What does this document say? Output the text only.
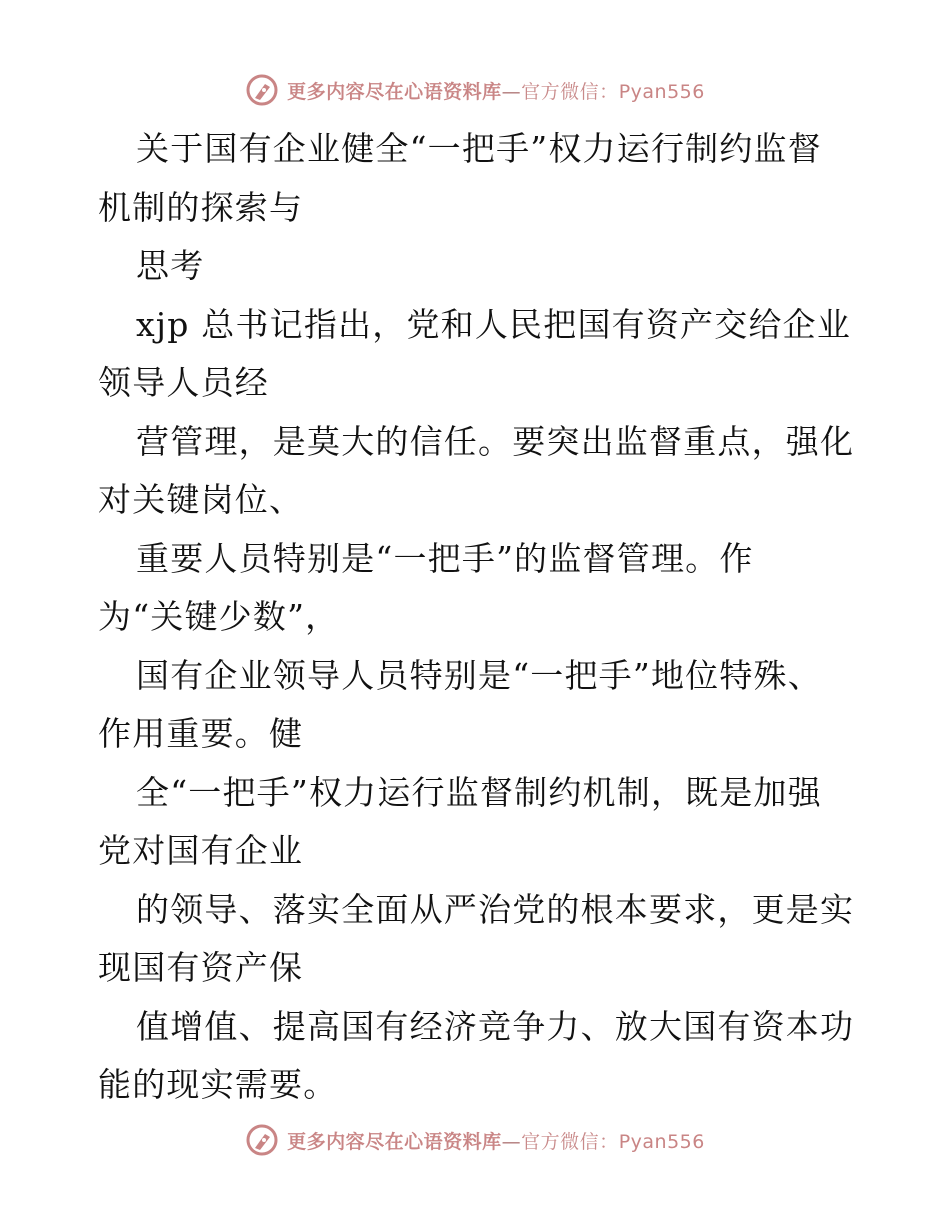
更多内容尽在心语资料库—官方微信：Pyan556
关于国有企业健全“一把手”权力运行制约监督
机制的探索与
思考
xjp 总书记指出，党和人民把国有资产交给企业
领导人员经
营管理，是莫大的信任。要突出监督重点，强化
对关键岗位、
重要人员特别是“一把手”的监督管理。作
为“关键少数”，
国有企业领导人员特别是“一把手”地位特殊、
作用重要。健
全“一把手”权力运行监督制约机制，既是加强
党对国有企业
的领导、落实全面从严治党的根本要求，更是实
现国有资产保
值增值、提高国有经济竞争力、放大国有资本功
能的现实需要。
更多内容尽在心语资料库—官方微信：Pyan556
